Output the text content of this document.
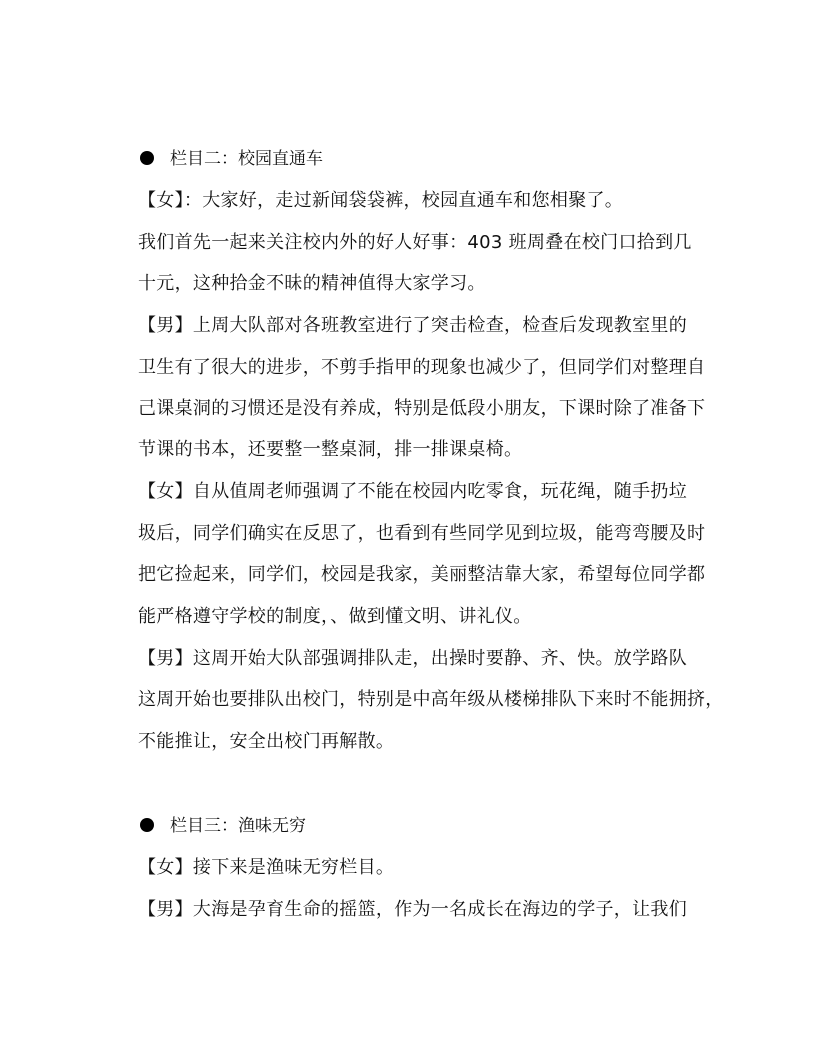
栏目二：校园直通车
【女】：大家好，走过新闻袋袋裤，校园直通车和您相聚了。
我们首先一起来关注校内外的好人好事：403 班周叠在校门口拾到几
十元，这种拾金不昧的精神值得大家学习。
【男】上周大队部对各班教室进行了突击检查，检查后发现教室里的
卫生有了很大的进步，不剪手指甲的现象也减少了，但同学们对整理自
己课桌洞的习惯还是没有养成，特别是低段小朋友，下课时除了准备下
节课的书本，还要整一整桌洞，排一排课桌椅。
【女】自从值周老师强调了不能在校园内吃零食，玩花绳，随手扔垃
圾后，同学们确实在反思了，也看到有些同学见到垃圾，能弯弯腰及时
把它捡起来，同学们，校园是我家，美丽整洁靠大家，希望每位同学都
能严格遵守学校的制度，、做到懂文明、讲礼仪。
【男】这周开始大队部强调排队走，出操时要静、齐、快。放学路队
这周开始也要排队出校门，特别是中高年级从楼梯排队下来时不能拥挤，
不能推让，安全出校门再解散。
栏目三：渔味无穷
【女】接下来是渔味无穷栏目。
【男】大海是孕育生命的摇篮，作为一名成长在海边的学子，让我们
